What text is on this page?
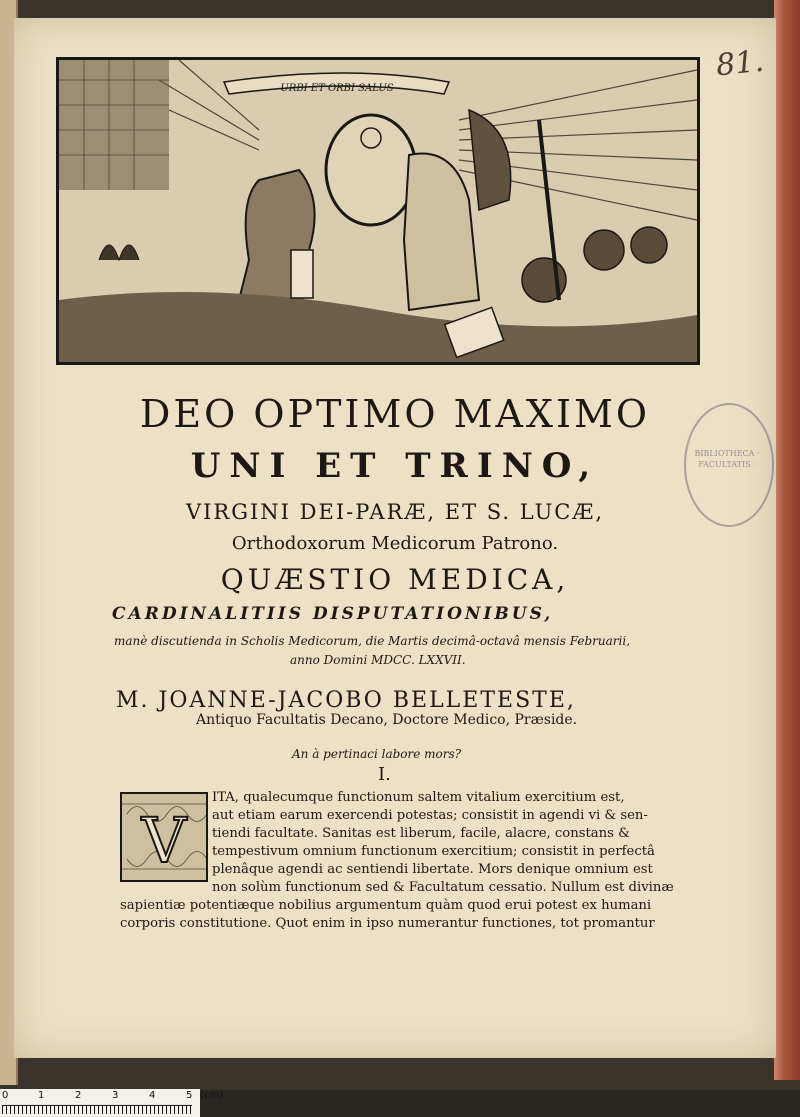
URBI ET ORBI SALUS
81.
BIBLIOTHECA · FACULTATIS ·
DEO OPTIMO MAXIMO
UNI ET TRINO,
VIRGINI DEI-PARÆ, ET S. LUCÆ,
Orthodoxorum Medicorum Patrono.
QUÆSTIO MEDICA,
CARDINALITIIS DISPUTATIONIBUS,
manè discutienda in Scholis Medicorum, die Martis decimâ-octavâ mensis Februarii,
anno Domini MDCC. LXXVII.
M. JOANNE-JACOBO BELLETESTE,
Antiquo Facultatis Decano, Doctore Medico, Præside.
An à pertinaci labore mors?
I.
V
ITA, qualecumque functionum saltem vitalium exercitium est,
aut etiam earum exercendi potestas; consistit in agendi vi & sen-
tiendi facultate. Sanitas est liberum, facile, alacre, constans &
tempestivum omnium functionum exercitium; consistit in perfectâ
plenâque agendi ac sentiendi libertate. Mors denique omnium est
non solùm functionum sed & Facultatum cessatio. Nullum est divinæ
sapientiæ potentiæque nobilius argumentum quàm quod erui potest ex humani
corporis constitutione. Quot enim in ipso numerantur functiones, tot promantur
0	1	2	3	4	5 (cm)
